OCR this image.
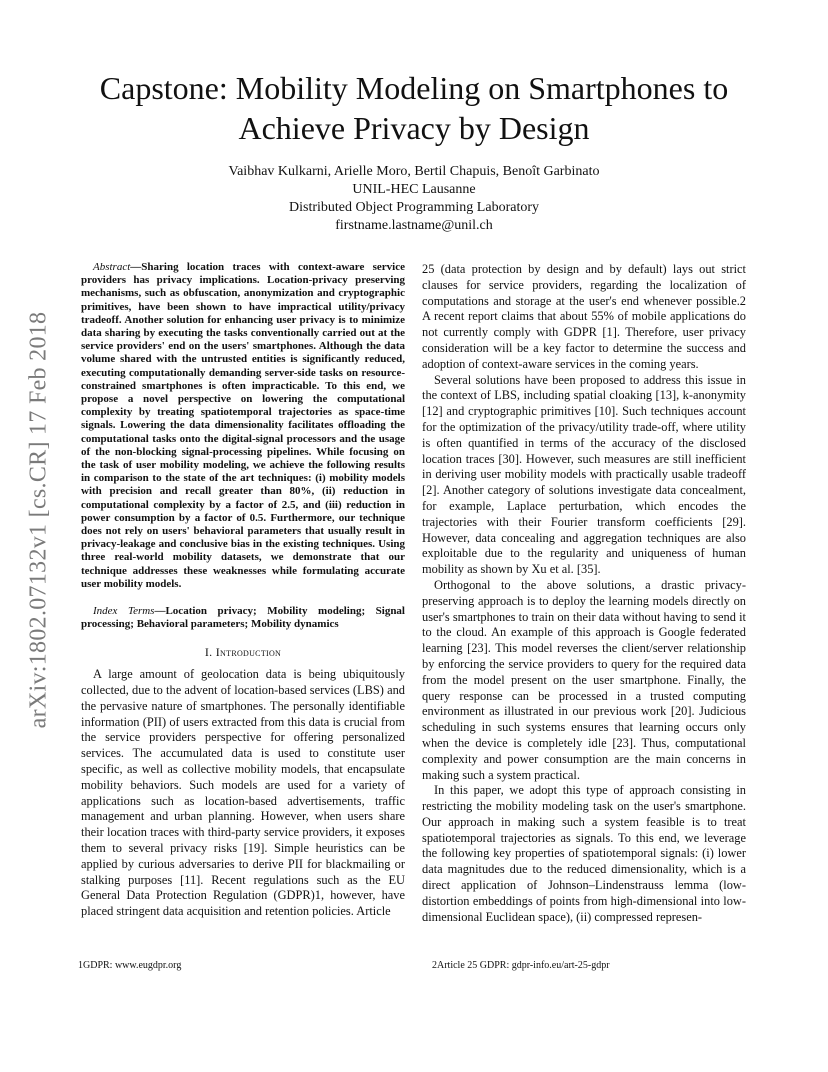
arXiv:1802.07132v1 [cs.CR] 17 Feb 2018
Capstone: Mobility Modeling on Smartphones to Achieve Privacy by Design
Vaibhav Kulkarni, Arielle Moro, Bertil Chapuis, Benoît Garbinato
UNIL-HEC Lausanne
Distributed Object Programming Laboratory
firstname.lastname@unil.ch

Abstract—Sharing location traces with context-aware service providers has privacy implications. Location-privacy preserving mechanisms, such as obfuscation, anonymization and cryptographic primitives, have been shown to have impractical utility/privacy tradeoff. Another solution for enhancing user privacy is to minimize data sharing by executing the tasks conventionally carried out at the service providers' end on the users' smartphones. Although the data volume shared with the untrusted entities is significantly reduced, executing computationally demanding server-side tasks on resource-constrained smartphones is often impracticable. To this end, we propose a novel perspective on lowering the computational complexity by treating spatiotemporal trajectories as space-time signals. Lowering the data dimensionality facilitates offloading the computational tasks onto the digital-signal processors and the usage of the non-blocking signal-processing pipelines. While focusing on the task of user mobility modeling, we achieve the following results in comparison to the state of the art techniques: (i) mobility models with precision and recall greater than 80%, (ii) reduction in computational complexity by a factor of 2.5, and (iii) reduction in power consumption by a factor of 0.5. Furthermore, our technique does not rely on users' behavioral parameters that usually result in privacy-leakage and conclusive bias in the existing techniques. Using three real-world mobility datasets, we demonstrate that our technique addresses these weaknesses while formulating accurate user mobility models.

Index Terms—Location privacy; Mobility modeling; Signal processing; Behavioral parameters; Mobility dynamics

I. Introduction

A large amount of geolocation data is being ubiquitously collected, due to the advent of location-based services (LBS) and the pervasive nature of smartphones. The personally identifiable information (PII) of users extracted from this data is crucial from the service providers perspective for offering personalized services. The accumulated data is used to constitute user specific, as well as collective mobility models, that encapsulate mobility behaviors. Such models are used for a variety of applications such as location-based advertisements, traffic management and urban planning. However, when users share their location traces with third-party service providers, it exposes them to several privacy risks [19]. Simple heuristics can be applied by curious adversaries to derive PII for blackmailing or stalking purposes [11]. Recent regulations such as the EU General Data Protection Regulation (GDPR)1, however, have placed stringent data acquisition and retention policies. Article

25 (data protection by design and by default) lays out strict clauses for service providers, regarding the localization of computations and storage at the user's end whenever possible.2 A recent report claims that about 55% of mobile applications do not currently comply with GDPR [1]. Therefore, user privacy consideration will be a key factor to determine the success and adoption of context-aware services in the coming years.

Several solutions have been proposed to address this issue in the context of LBS, including spatial cloaking [13], k-anonymity [12] and cryptographic primitives [10]. Such techniques account for the optimization of the privacy/utility trade-off, where utility is often quantified in terms of the accuracy of the disclosed location traces [30]. However, such measures are still inefficient in deriving user mobility models with practically usable tradeoff [2]. Another category of solutions investigate data concealment, for example, Laplace perturbation, which encodes the trajectories with their Fourier transform coefficients [29]. However, data concealing and aggregation techniques are also exploitable due to the regularity and uniqueness of human mobility as shown by Xu et al. [35].

Orthogonal to the above solutions, a drastic privacy-preserving approach is to deploy the learning models directly on user's smartphones to train on their data without having to send it to the cloud. An example of this approach is Google federated learning [23]. This model reverses the client/server relationship by enforcing the service providers to query for the required data from the model present on the user smartphone. Finally, the query response can be processed in a trusted computing environment as illustrated in our previous work [20]. Judicious scheduling in such systems ensures that learning occurs only when the device is completely idle [23]. Thus, computational complexity and power consumption are the main concerns in making such a system practical.

In this paper, we adopt this type of approach consisting in restricting the mobility modeling task on the user's smartphone. Our approach in making such a system feasible is to treat spatiotemporal trajectories as signals. To this end, we leverage the following key properties of spatiotemporal signals: (i) lower data magnitudes due to the reduced dimensionality, which is a direct application of Johnson–Lindenstrauss lemma (low-distortion embeddings of points from high-dimensional into low-dimensional Euclidean space), (ii) compressed represen-

1GDPR: www.eugdpr.org	2Article 25 GDPR: gdpr-info.eu/art-25-gdpr
